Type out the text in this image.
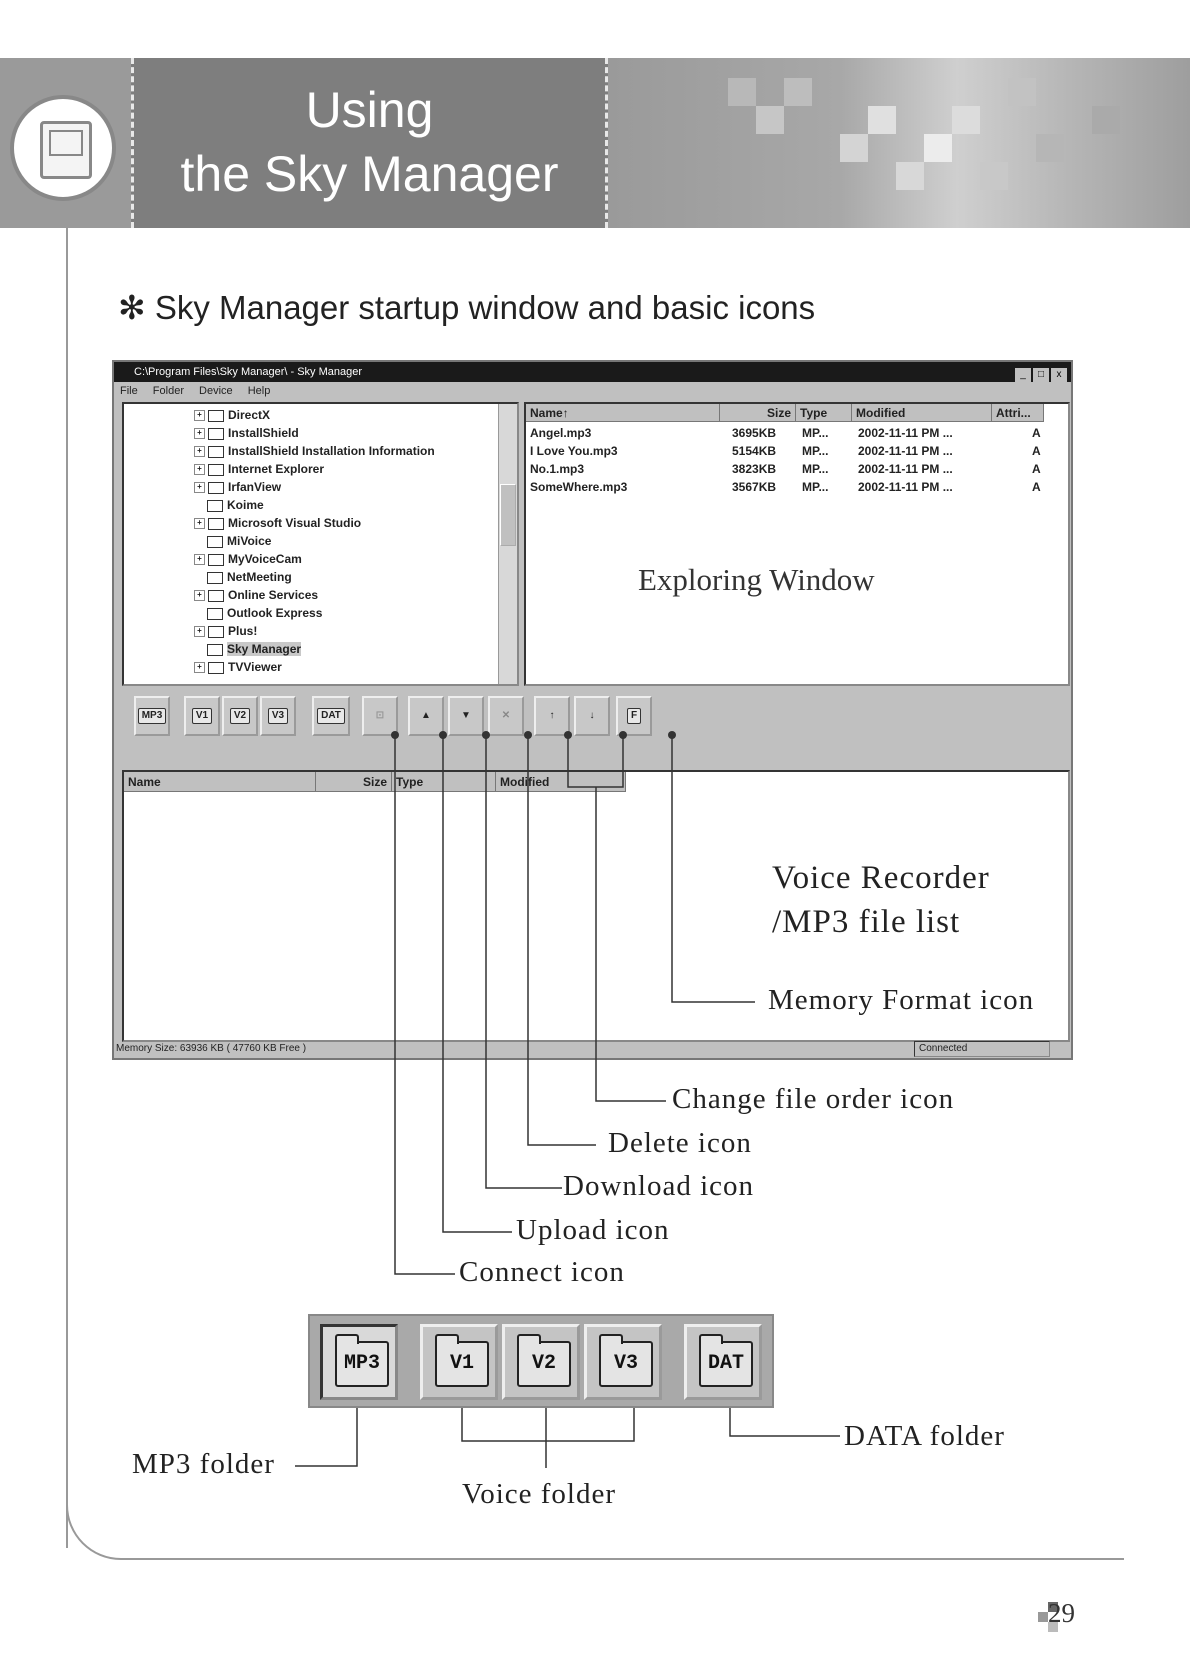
Using
the Sky Manager
✻ Sky Manager startup window and basic icons
C:\Program Files\Sky Manager\ - Sky Manager	_ □ x
File Folder Device Help
+ DirectX
+ InstallShield
+ InstallShield Installation Information
+ Internet Explorer
+ IrfanView
Koime
+ Microsoft Visual Studio
MiVoice
+ MyVoiceCam
NetMeeting
+ Online Services
Outlook Express
+ Plus!
Sky Manager
+ TVViewer
Name↑	Size Type	Modified	Attri...
Angel.mp3	3695KB MP... 2002-11-11 PM ...	A
I Love You.mp3	5154KB MP... 2002-11-11 PM ...	A
No.1.mp3	3823KB MP... 2002-11-11 PM ...	A
SomeWhere.mp3	3567KB MP... 2002-11-11 PM ...	A
Exploring Window
MP3	V1	V2	V3	DAT	⊡	▲	▼	✕	↑	↓	F
Name	Size Type	Modified
Voice Recorder
/MP3 file list
Memory Size: 63936 KB ( 47760 KB Free )	Connected
Memory Format icon
Change file order icon
Delete icon
Download icon
Upload icon
Connect icon
MP3	V1	V2	V3	DAT
MP3 folder
Voice folder
DATA folder
29
